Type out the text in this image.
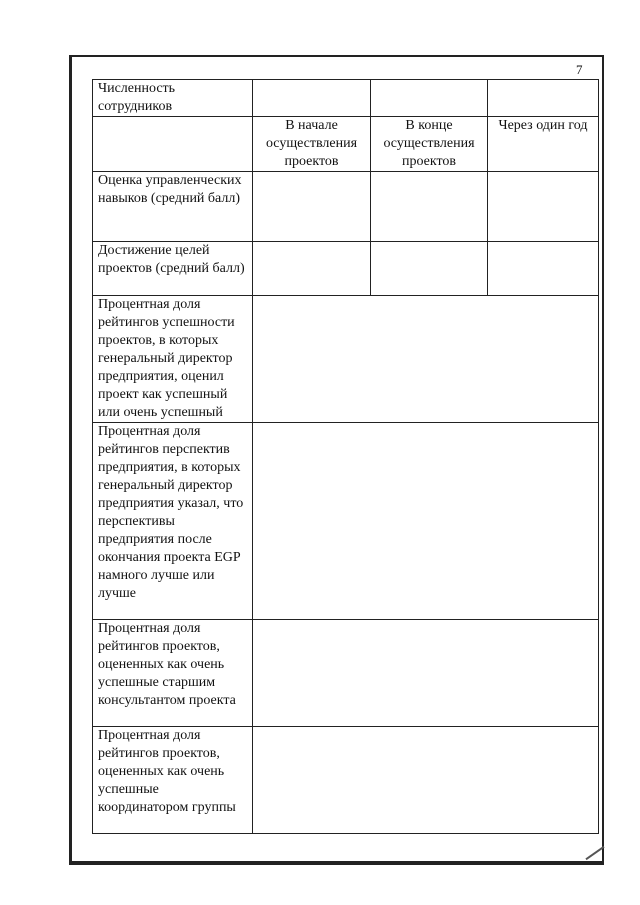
7
Численность сотрудников			
	В начале осуществления проектов	В конце осуществления проектов	Через один год
Оценка управленческих навыков (средний балл)			
Достижение целей проектов (средний балл)			
Процентная доля рейтингов успешности проектов, в которых генеральный директор предприятия, оценил проект как успешный или очень успешный			
Процентная доля рейтингов перспектив предприятия, в которых генеральный директор предприятия указал, что перспективы предприятия после окончания проекта EGP намного лучше или лучше			
Процентная доля рейтингов проектов, оцененных как очень успешные старшим консультантом проекта			
Процентная доля рейтингов проектов, оцененных как очень успешные координатором группы			
